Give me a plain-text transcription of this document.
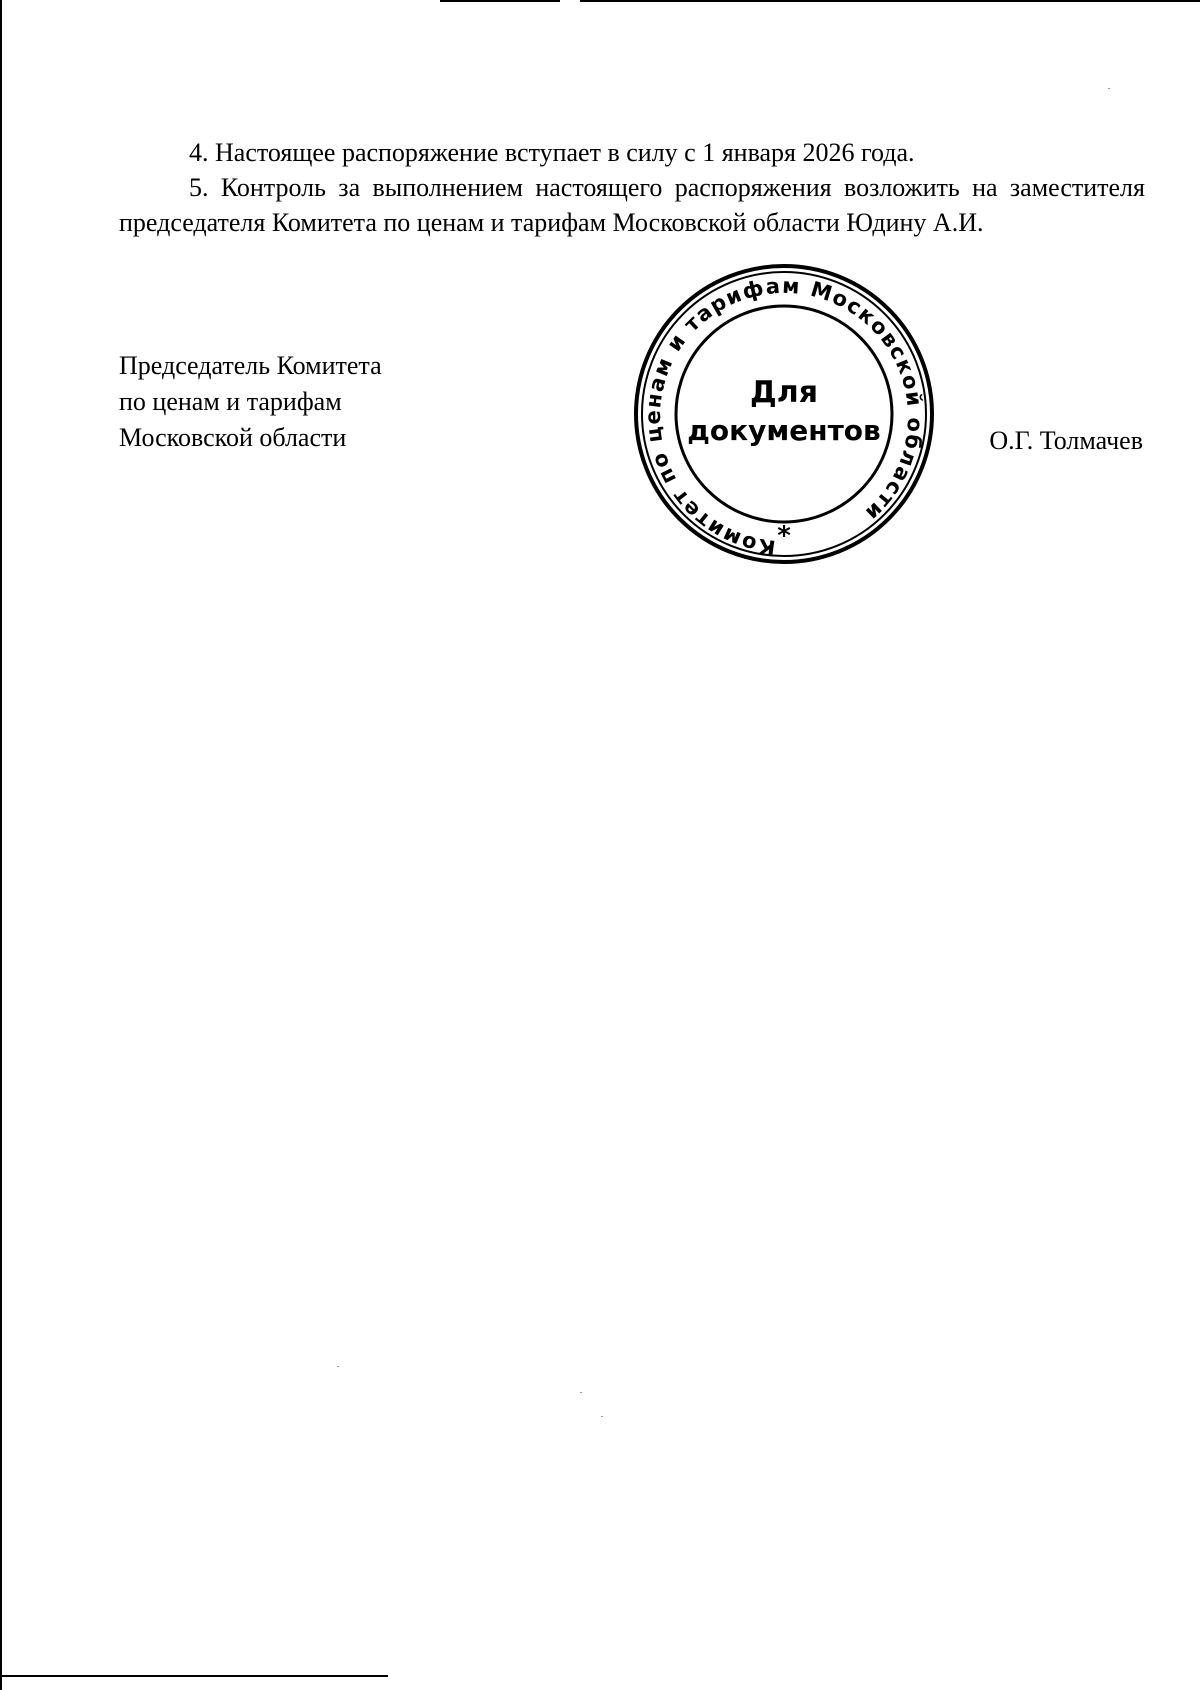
4. Настоящее распоряжение вступает в силу с 1 января 2026 года.

5. Контроль за выполнением настоящего распоряжения возложить на заместителя председателя Комитета по ценам и тарифам Московской области Юдину А.И.

Председатель Комитета
по ценам и тарифам
Московской области	О.Г. Толмачев
Комитет по ценам и тарифам Московской области
Для
документов
*
